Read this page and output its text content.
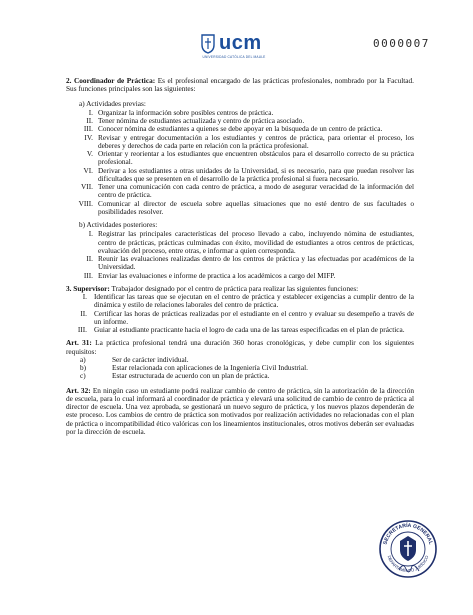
ucm
UNIVERSIDAD CATÓLICA DEL MAULE
0000007

2. Coordinador de Práctica: Es el profesional encargado de las prácticas profesionales, nombrado por la Facultad. Sus funciones principales son las siguientes:

a) Actividades previas:

I. Organizar la información sobre posibles centros de práctica.
II. Tener nómina de estudiantes actualizada y centro de práctica asociado.
III. Conocer nómina de estudiantes a quienes se debe apoyar en la búsqueda de un centro de práctica.
IV. Revisar y entregar documentación a los estudiantes y centros de práctica, para orientar el proceso, los deberes y derechos de cada parte en relación con la práctica profesional.
V. Orientar y reorientar a los estudiantes que encuentren obstáculos para el desarrollo correcto de su práctica profesional.
VI. Derivar a los estudiantes a otras unidades de la Universidad, si es necesario, para que puedan resolver las dificultades que se presenten en el desarrollo de la práctica profesional si fuera necesario.
VII. Tener una comunicación con cada centro de práctica, a modo de asegurar veracidad de la información del centro de práctica.
VIII. Comunicar al director de escuela sobre aquellas situaciones que no esté dentro de sus facultades o posibilidades resolver.

b) Actividades posteriores:

I. Registrar las principales características del proceso llevado a cabo, incluyendo nómina de estudiantes, centro de prácticas, prácticas culminadas con éxito, movilidad de estudiantes a otros centros de prácticas, evaluación del proceso, entre otras, e informar a quien corresponda.
II. Reunir las evaluaciones realizadas dentro de los centros de práctica y las efectuadas por académicos de la Universidad.
III. Enviar las evaluaciones e informe de practica a los académicos a cargo del MIFP.

3. Supervisor: Trabajador designado por el centro de práctica para realizar las siguientes funciones:

I. Identificar las tareas que se ejecutan en el centro de práctica y establecer exigencias a cumplir dentro de la dinámica y estilo de relaciones laborales del centro de práctica.
II. Certificar las horas de prácticas realizadas por el estudiante en el centro y evaluar su desempeño a través de un informe.
III. Guiar al estudiante practicante hacia el logro de cada una de las tareas especificadas en el plan de práctica.

Art. 31: La práctica profesional tendrá una duración 360 horas cronológicas, y debe cumplir con los siguientes requisitos:

a)	Ser de carácter individual.
b)	Estar relacionada con aplicaciones de la Ingeniería Civil Industrial.
c)	Estar estructurada de acuerdo con un plan de práctica.

Art. 32: En ningún caso un estudiante podrá realizar cambio de centro de práctica, sin la autorización de la dirección de escuela, para lo cual informará al coordinador de práctica y elevará una solicitud de cambio de centro de práctica al director de escuela. Una vez aprobada, se gestionará un nuevo seguro de práctica, y los nuevos plazos dependerán de este proceso. Los cambios de centro de práctica son motivados por realización actividades no relacionadas con el plan de práctica o incompatibilidad ético valóricas con los lineamientos institucionales, otros motivos deberán ser evaluadas por la dirección de escuela.

SECRETARÍA GENERAL
DEPARTAMENTO JURÍDICO
